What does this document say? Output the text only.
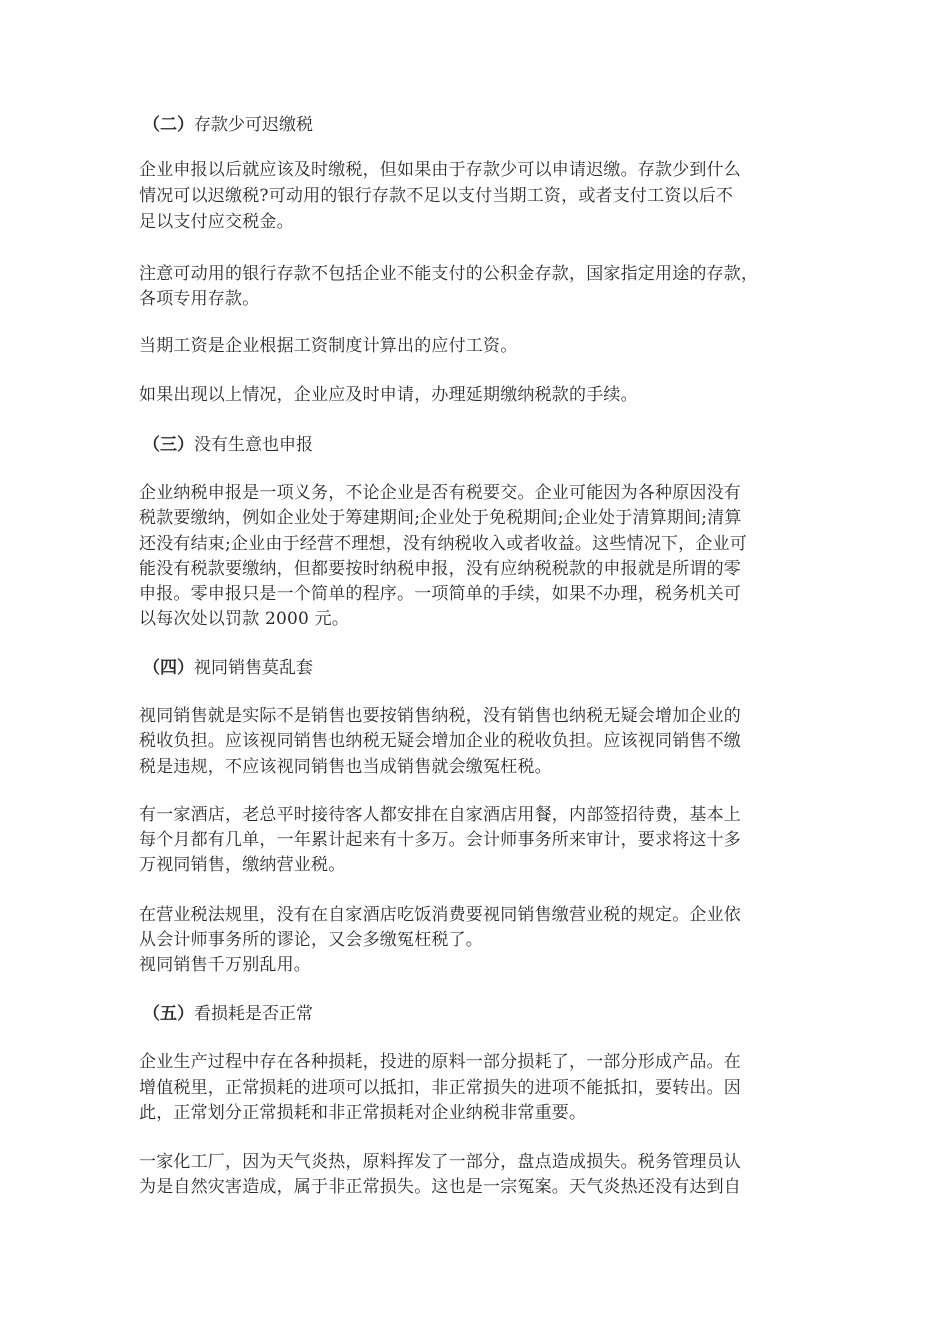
（二）存款少可迟缴税
企业申报以后就应该及时缴税，但如果由于存款少可以申请迟缴。存款少到什么
情况可以迟缴税?可动用的银行存款不足以支付当期工资，或者支付工资以后不
足以支付应交税金。
注意可动用的银行存款不包括企业不能支付的公积金存款，国家指定用途的存款，
各项专用存款。
当期工资是企业根据工资制度计算出的应付工资。
如果出现以上情况，企业应及时申请，办理延期缴纳税款的手续。
（三）没有生意也申报
企业纳税申报是一项义务，不论企业是否有税要交。企业可能因为各种原因没有
税款要缴纳，例如企业处于筹建期间;企业处于免税期间;企业处于清算期间;清算
还没有结束;企业由于经营不理想，没有纳税收入或者收益。这些情况下，企业可
能没有税款要缴纳，但都要按时纳税申报，没有应纳税税款的申报就是所谓的零
申报。零申报只是一个简单的程序。一项简单的手续，如果不办理，税务机关可
以每次处以罚款 2000 元。
（四）视同销售莫乱套
视同销售就是实际不是销售也要按销售纳税，没有销售也纳税无疑会增加企业的
税收负担。应该视同销售也纳税无疑会增加企业的税收负担。应该视同销售不缴
税是违规，不应该视同销售也当成销售就会缴冤枉税。
有一家酒店，老总平时接待客人都安排在自家酒店用餐，内部签招待费，基本上
每个月都有几单，一年累计起来有十多万。会计师事务所来审计，要求将这十多
万视同销售，缴纳营业税。
在营业税法规里，没有在自家酒店吃饭消费要视同销售缴营业税的规定。企业依
从会计师事务所的谬论，又会多缴冤枉税了。
视同销售千万别乱用。
（五）看损耗是否正常
企业生产过程中存在各种损耗，投进的原料一部分损耗了，一部分形成产品。在
增值税里，正常损耗的进项可以抵扣，非正常损失的进项不能抵扣，要转出。因
此，正常划分正常损耗和非正常损耗对企业纳税非常重要。
一家化工厂，因为天气炎热，原料挥发了一部分，盘点造成损失。税务管理员认
为是自然灾害造成，属于非正常损失。这也是一宗冤案。天气炎热还没有达到自
